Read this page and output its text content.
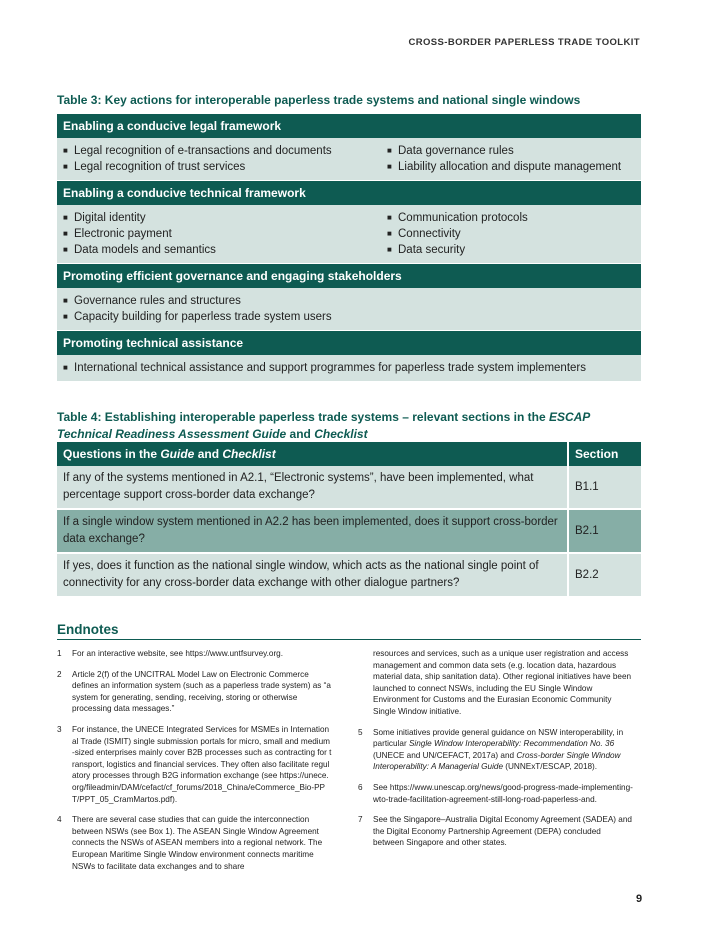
CROSS-BORDER PAPERLESS TRADE TOOLKIT
Table 3: Key actions for interoperable paperless trade systems and national single windows
Enabling a conducive legal framework
■ Legal recognition of e-transactions and documents
■ Legal recognition of trust services
■ Data governance rules
■ Liability allocation and dispute management
Enabling a conducive technical framework
■ Digital identity
■ Electronic payment
■ Data models and semantics
■ Communication protocols
■ Connectivity
■ Data security
Promoting efficient governance and engaging stakeholders
■ Governance rules and structures
■ Capacity building for paperless trade system users
Promoting technical assistance
■ International technical assistance and support programmes for paperless trade system implementers
Table 4: Establishing interoperable paperless trade systems – relevant sections in the ESCAP Technical Readiness Assessment Guide and Checklist
Questions in the Guide and Checklist	Section
If any of the systems mentioned in A2.1, “Electronic systems”, have been implemented, what percentage support cross-border data exchange?	B1.1
If a single window system mentioned in A2.2 has been implemented, does it support cross-border data exchange?	B2.1
If yes, does it function as the national single window, which acts as the national single point of connectivity for any cross-border data exchange with other dialogue partners?	B2.2
Endnotes
1	For an interactive website, see https://www.untfsurvey.org.
2	Article 2(f) of the UNCITRAL Model Law on Electronic Commerce defines an information system (such as a paperless trade system) as “a system for generating, sending, receiving, storing or otherwise processing data messages.”
3	For instance, the UNECE Integrated Services for MSMEs in International Trade (ISMIT) single submission portals for micro, small and medium-sized enterprises mainly cover B2B processes such as contracting for transport, logistics and financial services. They often also facilitate regulatory processes through B2G information exchange (see https://unece.org/fileadmin/DAM/cefact/cf_forums/2018_China/eCommerce_Bio-PPT/PPT_05_CramMartos.pdf).
4	There are several case studies that can guide the interconnection between NSWs (see Box 1). The ASEAN Single Window Agreement connects the NSWs of ASEAN members into a regional network. The European Maritime Single Window environment connects maritime NSWs to facilitate data exchanges and to share
resources and services, such as a unique user registration and access management and common data sets (e.g. location data, hazardous material data, ship sanitation data). Other regional initiatives have been launched to connect NSWs, including the EU Single Window Environment for Customs and the Eurasian Economic Community Single Window initiative.
5	Some initiatives provide general guidance on NSW interoperability, in particular Single Window Interoperability: Recommendation No. 36 (UNECE and UN/CEFACT, 2017a) and Cross-border Single Window Interoperability: A Managerial Guide (UNNExT/ESCAP, 2018).
6	See https://www.unescap.org/news/good-progress-made-implementing-wto-trade-facilitation-agreement-still-long-road-paperless-and.
7	See the Singapore–Australia Digital Economy Agreement (SADEA) and the Digital Economy Partnership Agreement (DEPA) concluded between Singapore and other states.
9
